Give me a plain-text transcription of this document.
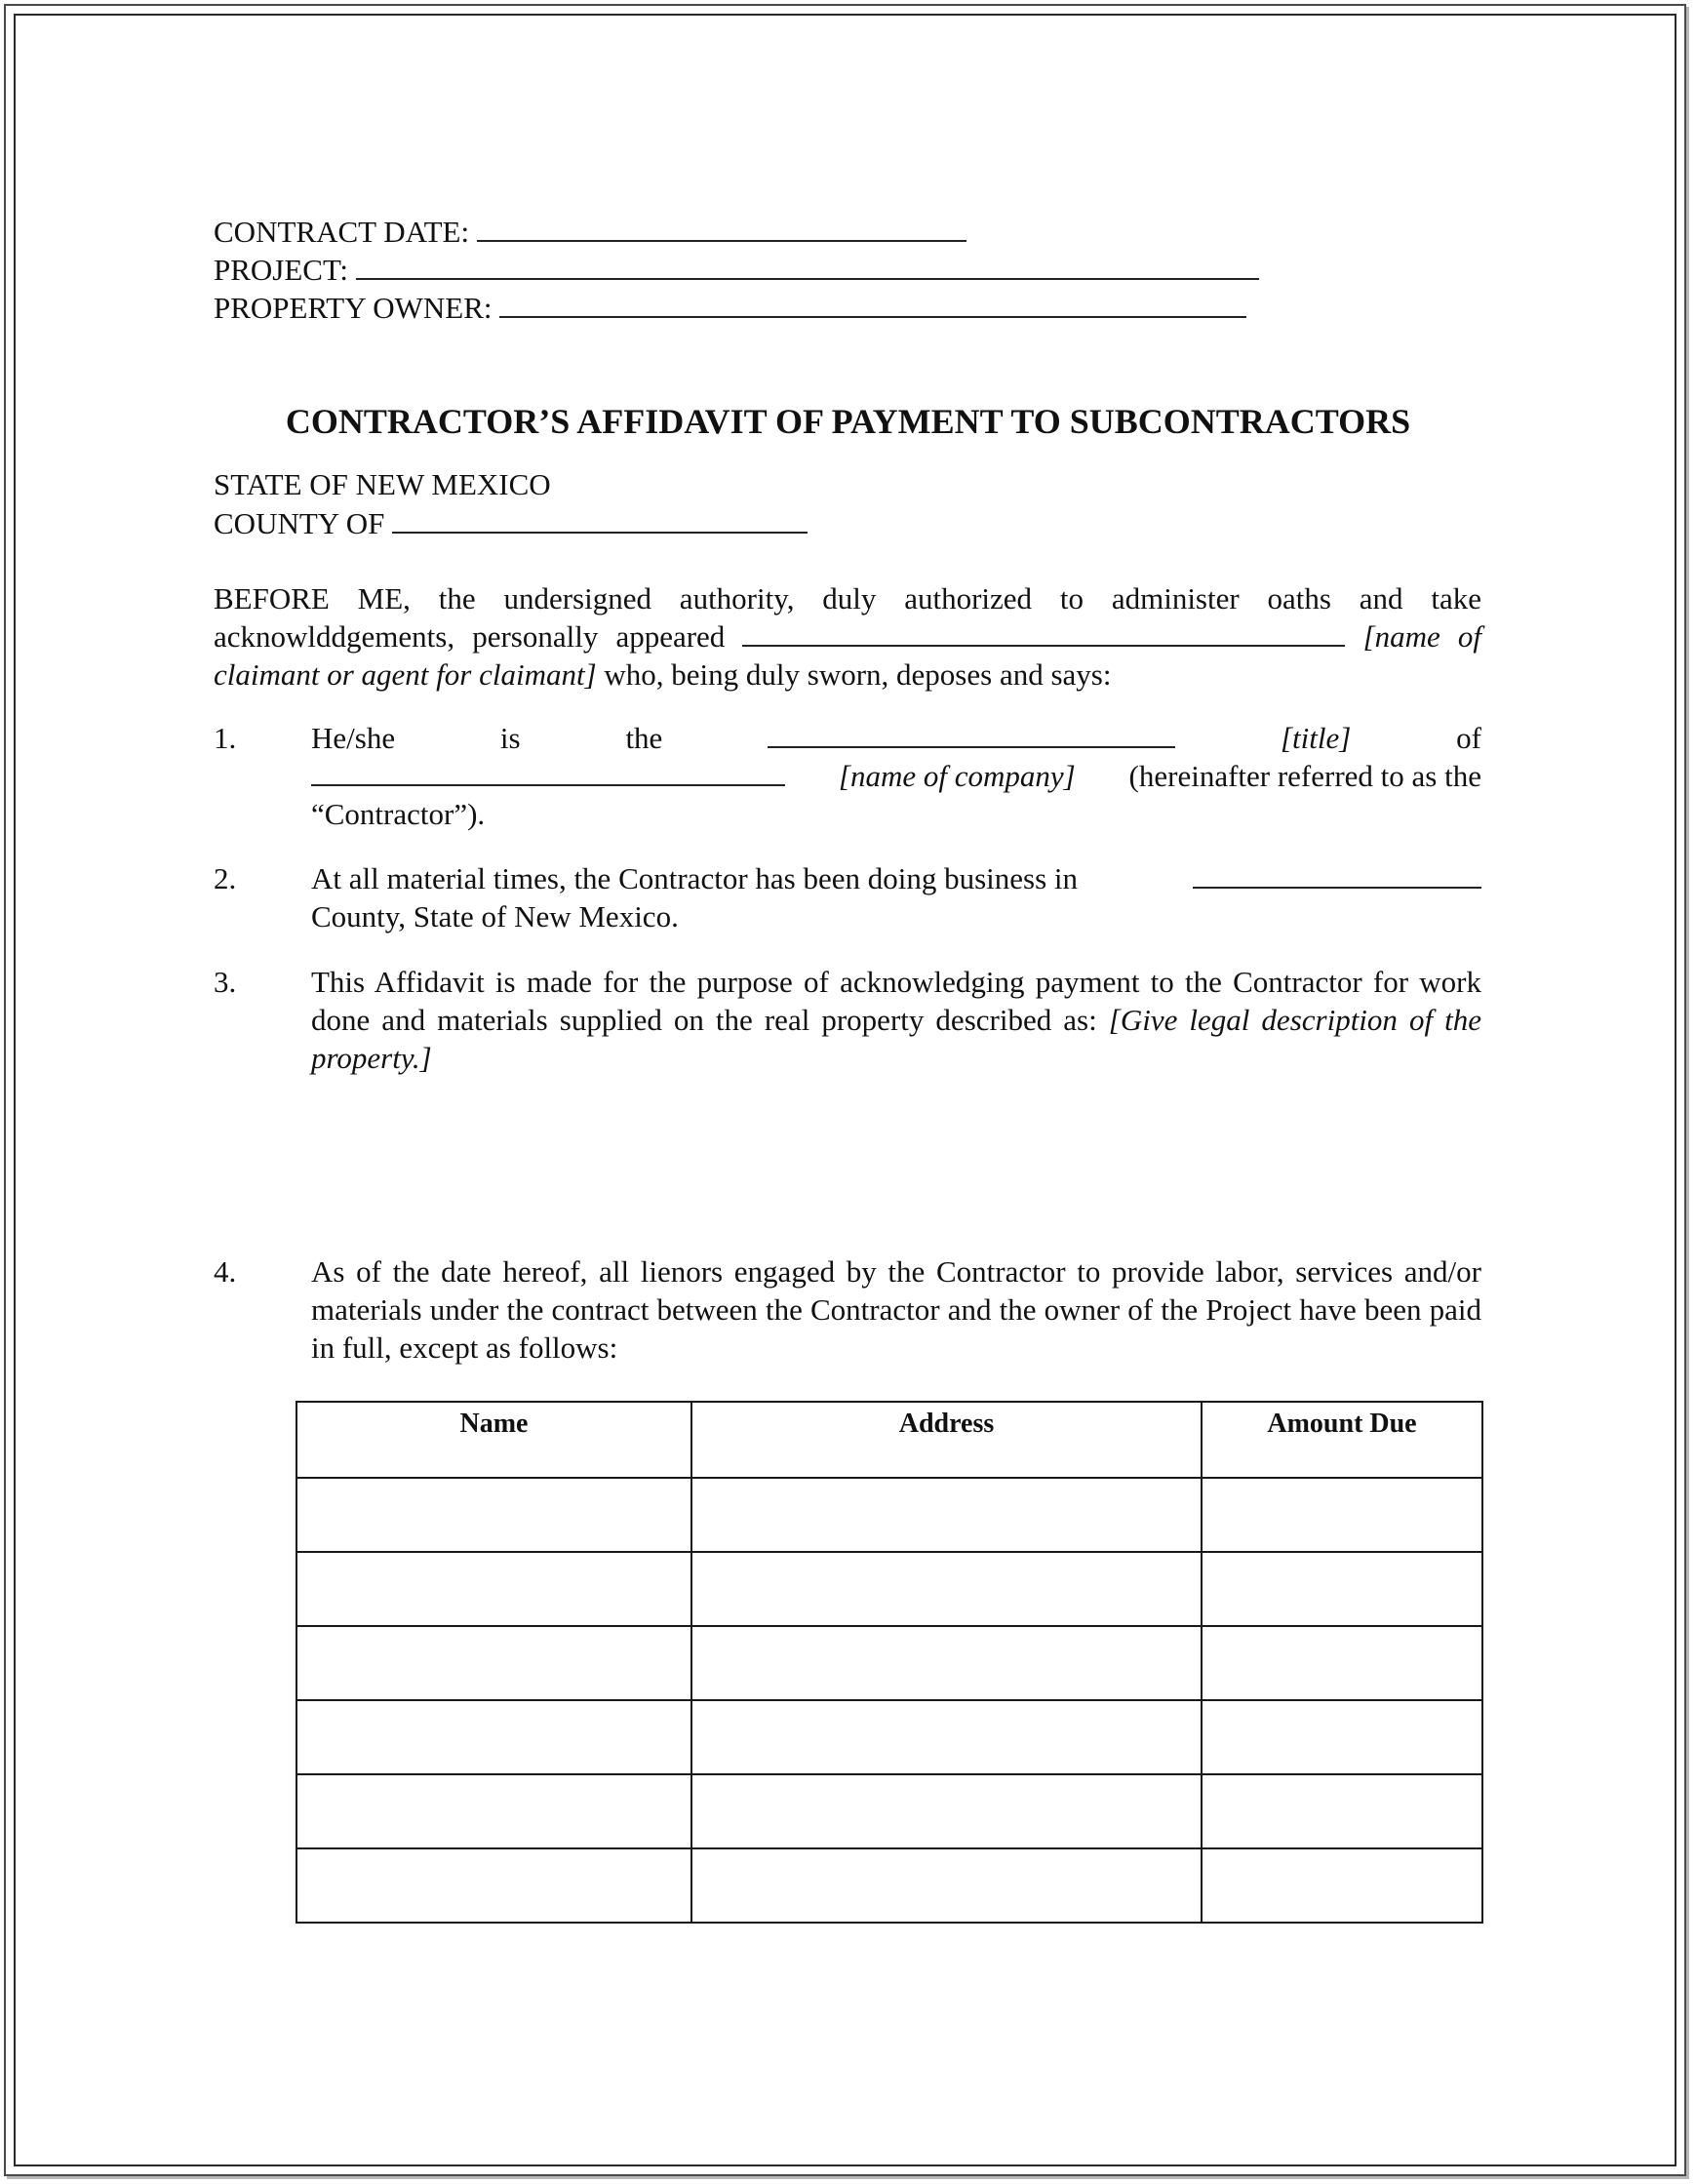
CONTRACT DATE:
PROJECT:
PROPERTY OWNER:
CONTRACTOR’S AFFIDAVIT OF PAYMENT TO SUBCONTRACTORS
STATE OF NEW MEXICO
COUNTY OF
BEFORE ME, the undersigned authority, duly authorized to administer oaths and take acknowlddgements, personally appeared	[name of claimant or agent for claimant] who, being duly sworn, deposes and says:
1. He/she	is	the	[title]	of
[name of company] (hereinafter referred to as the
“Contractor”).
2. At all material times, the Contractor has been doing business in
County, State of New Mexico.
3. This Affidavit is made for the purpose of acknowledging payment to the Contractor for work done and materials supplied on the real property described as: [Give legal description of the property.]
4. As of the date hereof, all lienors engaged by the Contractor to provide labor, services and/or materials under the contract between the Contractor and the owner of the Project have been paid in full, except as follows:
Name	Address	Amount Due
